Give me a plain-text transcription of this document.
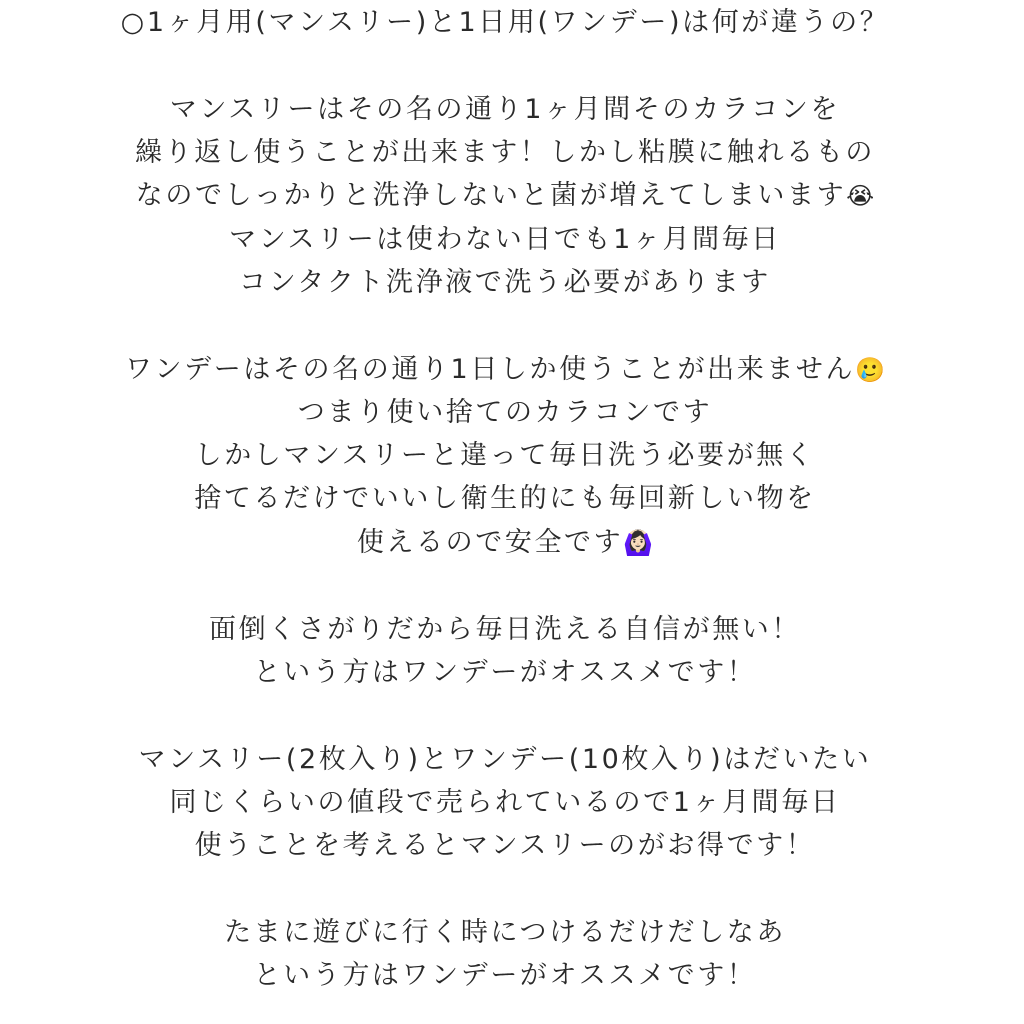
○1ヶ月用(マンスリー)と1日用(ワンデー)は何が違うの？
マンスリーはその名の通り1ヶ月間そのカラコンを
繰り返し使うことが出来ます！しかし粘膜に触れるもの
なのでしっかりと洗浄しないと菌が増えてしまいます😭
マンスリーは使わない日でも1ヶ月間毎日
コンタクト洗浄液で洗う必要があります
ワンデーはその名の通り1日しか使うことが出来ません🥲
つまり使い捨てのカラコンです
しかしマンスリーと違って毎日洗う必要が無く
捨てるだけでいいし衛生的にも毎回新しい物を
使えるので安全です🙆🏻‍♀️
面倒くさがりだから毎日洗える自信が無い！
という方はワンデーがオススメです！
マンスリー(2枚入り)とワンデー(10枚入り)はだいたい
同じくらいの値段で売られているので1ヶ月間毎日
使うことを考えるとマンスリーのがお得です！
たまに遊びに行く時につけるだけだしなあ
という方はワンデーがオススメです！
